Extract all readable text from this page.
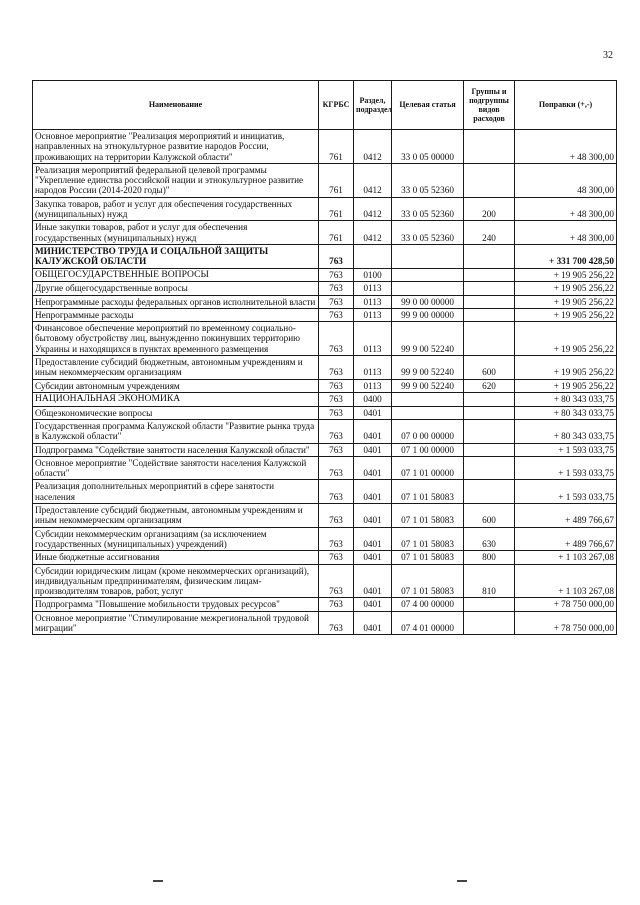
32
Наименование	КГРБС	Раздел, подраздел	Целевая статья	Группы и подгруппы видов расходов	Поправки (+,-)
Основное мероприятие "Реализация мероприятий и инициатив, направленных на этнокультурное развитие народов России, проживающих на территории Калужской области"	761	0412	33 0 05 00000		+ 48 300,00
Реализация мероприятий федеральной целевой программы "Укрепление единства российской нации и этнокультурное развитие народов России (2014-2020 годы)"	761	0412	33 0 05 52360		48 300,00
Закупка товаров, работ и услуг для обеспечения государственных (муниципальных) нужд	761	0412	33 0 05 52360	200	+ 48 300,00
Иные закупки товаров, работ и услуг для обеспечения государственных (муниципальных) нужд	761	0412	33 0 05 52360	240	+ 48 300,00
МИНИСТЕРСТВО ТРУДА И СОЦАЛЬНОЙ ЗАЩИТЫ КАЛУЖСКОЙ ОБЛАСТИ	763				+ 331 700 428,50
ОБЩЕГОСУДАРСТВЕННЫЕ ВОПРОСЫ	763	0100			+ 19 905 256,22
Другие общегосударственные вопросы	763	0113			+ 19 905 256,22
Непрограммные расходы федеральных органов исполнительной власти	763	0113	99 0 00 00000		+ 19 905 256,22
Непрограммные расходы	763	0113	99 9 00 00000		+ 19 905 256,22
Финансовое обеспечение мероприятий по временному социально-бытовому обустройству лиц, вынужденно покинувших территорию Украины и находящихся в пунктах временного размещения	763	0113	99 9 00 52240		+ 19 905 256,22
Предоставление субсидий бюджетным, автономным учреждениям и иным некоммерческим организациям	763	0113	99 9 00 52240	600	+ 19 905 256,22
Субсидии автономным учреждениям	763	0113	99 9 00 52240	620	+ 19 905 256,22
НАЦИОНАЛЬНАЯ ЭКОНОМИКА	763	0400			+ 80 343 033,75
Общеэкономические вопросы	763	0401			+ 80 343 033,75
Государственная программа Калужской области "Развитие рынка труда в Калужской области"	763	0401	07 0 00 00000		+ 80 343 033,75
Подпрограмма "Содействие занятости населения Калужской области"	763	0401	07 1 00 00000		+ 1 593 033,75
Основное мероприятие "Содействие занятости населения Калужской области"	763	0401	07 1 01 00000		+ 1 593 033,75
Реализация дополнительных мероприятий в сфере занятости населения	763	0401	07 1 01 58083		+ 1 593 033,75
Предоставление субсидий бюджетным, автономным учреждениям и иным некоммерческим организациям	763	0401	07 1 01 58083	600	+ 489 766,67
Субсидии некоммерческим организациям (за исключением государственных (муниципальных) учреждений)	763	0401	07 1 01 58083	630	+ 489 766,67
Иные бюджетные ассигнования	763	0401	07 1 01 58083	800	+ 1 103 267,08
Субсидии юридическим лицам (кроме некоммерческих организаций), индивидуальным предпринимателям, физическим лицам-производителям товаров, работ, услуг	763	0401	07 1 01 58083	810	+ 1 103 267,08
Подпрограмма "Повышение мобильности трудовых ресурсов"	763	0401	07 4 00 00000		+ 78 750 000,00
Основное мероприятие "Стимулирование межрегиональной трудовой миграции"	763	0401	07 4 01 00000		+ 78 750 000,00
